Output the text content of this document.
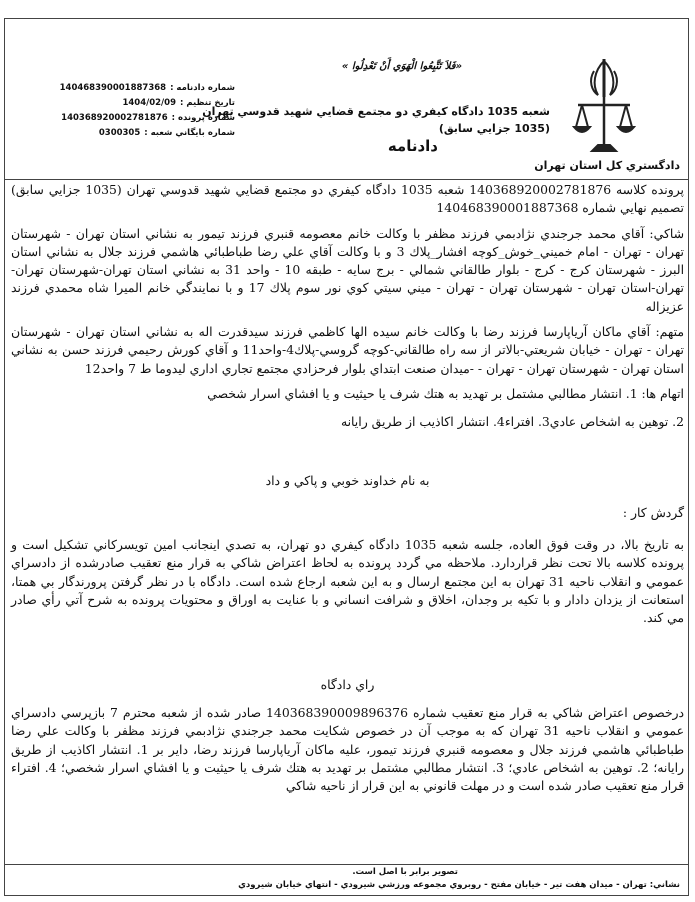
دادگستري كل استان تهران
«فَلاَ تَتَّبِعُوا الْهَوَي أَنْ تَعْدِلُوا »
شعبه 1035 دادگاه كيفري دو مجتمع قضايي شهيد قدوسي تهران
(1035 جزايي سابق)
دادنامه
شماره دادنامه :
140468390001887368
تاريخ تنظيم :
1404/02/09
شماره پرونده :
140368920002781876
شماره بايگاني شعبه :
0300305

پرونده كلاسه 140368920002781876 شعبه 1035 دادگاه كيفري دو مجتمع قضايي شهيد قدوسي تهران (1035 جزايي سابق) تصميم نهايي شماره 140468390001887368

شاكي: آقاي محمد جرجندي نژادبمي فرزند مظفر با وكالت خانم معصومه قنبري فرزند تيمور به نشاني استان تهران - شهرستان تهران - تهران - امام خميني_خوش_كوچه افشار_پلاك 3 و با وكالت آقاي علي رضا طباطبائي هاشمي فرزند جلال به نشاني استان البرز - شهرستان كرج - كرج - بلوار طالقاني شمالي - برج سايه - طبقه 10 - واحد 31 به نشاني استان تهران-شهرستان تهران-تهران-استان تهران - شهرستان تهران - تهران - ميني سيتي كوي نور سوم پلاك 17 و با نمايندگي خانم الميرا شاه محمدي فرزند عزيزاله

متهم: آقاي ماكان آرياپارسا فرزند رضا با وكالت خانم سيده الها كاظمي فرزند سيدقدرت اله به نشاني استان تهران - شهرستان تهران - تهران - خيابان شريعتي-بالاتر از سه راه طالقاني-كوچه گروسي-پلاك4-واحد11 و آقاي كورش رحيمي فرزند حسن به نشاني استان تهران - شهرستان تهران - تهران - -ميدان صنعت ابتداي بلوار فرحزادي مجتمع تجاري اداري ليدوما ط 7 واحد12

اتهام ها: 1. انتشار مطالبي مشتمل بر تهديد به هتك شرف يا حيثيت و يا افشاي اسرار شخصي

2. توهين به اشخاص عادي3. افتراء4. انتشار اكاذيب از طريق رايانه

به نام خداوند خوبي و پاكي و داد
گردش كار :

به تاريخ بالا، در وقت فوق العاده، جلسه شعبه 1035 دادگاه كيفري دو تهران، به تصدي اينجانب امين تويسركاني تشكيل است و پرونده كلاسه بالا تحت نظر قراردارد. ملاحظه مي گردد پرونده به لحاظ اعتراض شاكي به قرار منع تعقيب صادرشده از دادسراي عمومي و انقلاب ناحيه 31 تهران به اين مجتمع ارسال و به اين شعبه ارجاع شده است. دادگاه با در نظر گرفتن پرورندگار بي همتا، استعانت از يزدان دادار و با تكيه بر وجدان، اخلاق و شرافت انساني و با عنايت به اوراق و محتويات پرونده به شرح آتي رأي صادر مي كند.

راي دادگاه

درخصوص اعتراض شاكي به قرار منع تعقيب شماره 140368390009896376 صادر شده از شعبه محترم 7 بازپرسي دادسراي عمومي و انقلاب ناحيه 31 تهران كه به موجب آن در خصوص شكايت محمد جرجندي نژادبمي فرزند مظفر با وكالت علي رضا طباطبائي هاشمي فرزند جلال و معصومه قنبري فرزند تيمور، عليه ماكان آرياپارسا فرزند رضا، داير بر 1. انتشار اكاذيب از طريق رايانه؛ 2. توهين به اشخاص عادي؛ 3. انتشار مطالبي مشتمل بر تهديد به هتك شرف يا حيثيت و يا افشاي اسرار شخصي؛ 4. افتراء قرار منع تعقيب صادر شده است و در مهلت قانوني به اين قرار از ناحيه شاكي

تصوير برابر با اصل است.
نشاني: تهران - ميدان هفت تير - خيابان مفتح - روبروي مجموعه ورزشي شيرودي - انتهاي خيابان شيرودي
